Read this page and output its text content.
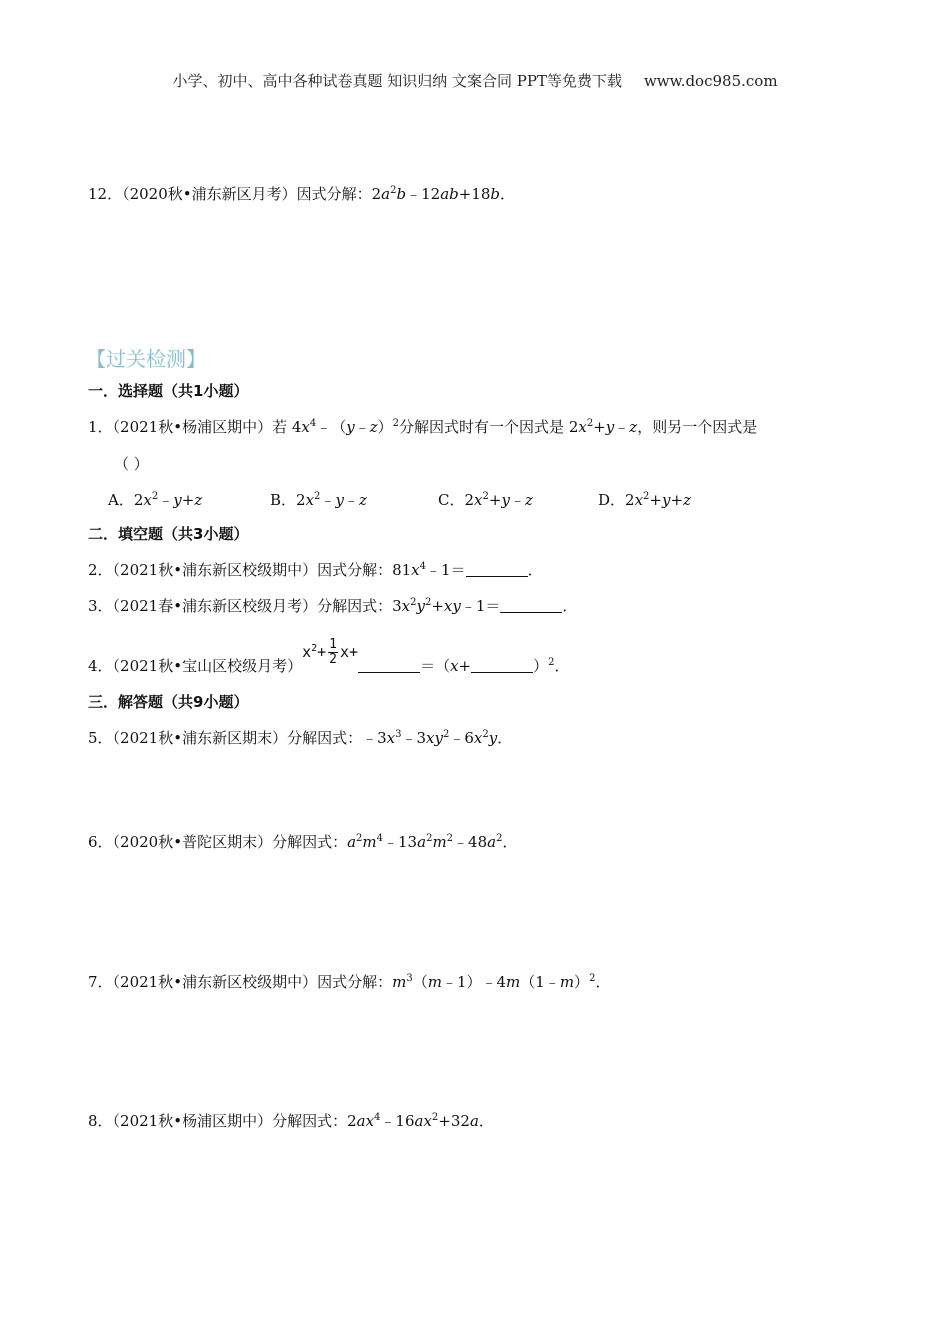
小学、初中、高中各种试卷真题 知识归纳 文案合同 PPT等免费下载 www.doc985.com
12．（2020秋•浦东新区月考）因式分解：$2a^2b﹣12ab+18b$．
【过关检测】
一．选择题（共1小题）
1．（2021秋•杨浦区期中）若 $4x^4﹣(y﹣z)^2$分解因式时有一个因式是 $2x^2+y﹣z$，则另一个因式是
（ ）
A．$2x^2﹣y+z$	B．$2x^2﹣y﹣z$	C．$2x^2+y﹣z$	D．$2x^2+y+z$
二．填空题（共3小题）
2．（2021秋•浦东新区校级期中）因式分解：$81x^4﹣1=$	．
3．（2021春•浦东新区校级月考）分解因式：$3x^2y^2+xy﹣1=$	．
4．（2021秋•宝山区校级月考）$x^2+ \frac{1}{2} x+=(x+$	）$^2$．
三．解答题（共9小题）
5．（2021秋•浦东新区期末）分解因式：$﹣3x^3﹣3xy^2﹣6x^2y$．
6．（2020秋•普陀区期末）分解因式：$a^2m^4﹣13a^2m^2﹣48a^2$．
7．（2021秋•浦东新区校级期中）因式分解：$m^3(m﹣1)﹣4m(1﹣m)^2$．
8．（2021秋•杨浦区期中）分解因式：$2ax^4﹣16ax^2+32a$．
